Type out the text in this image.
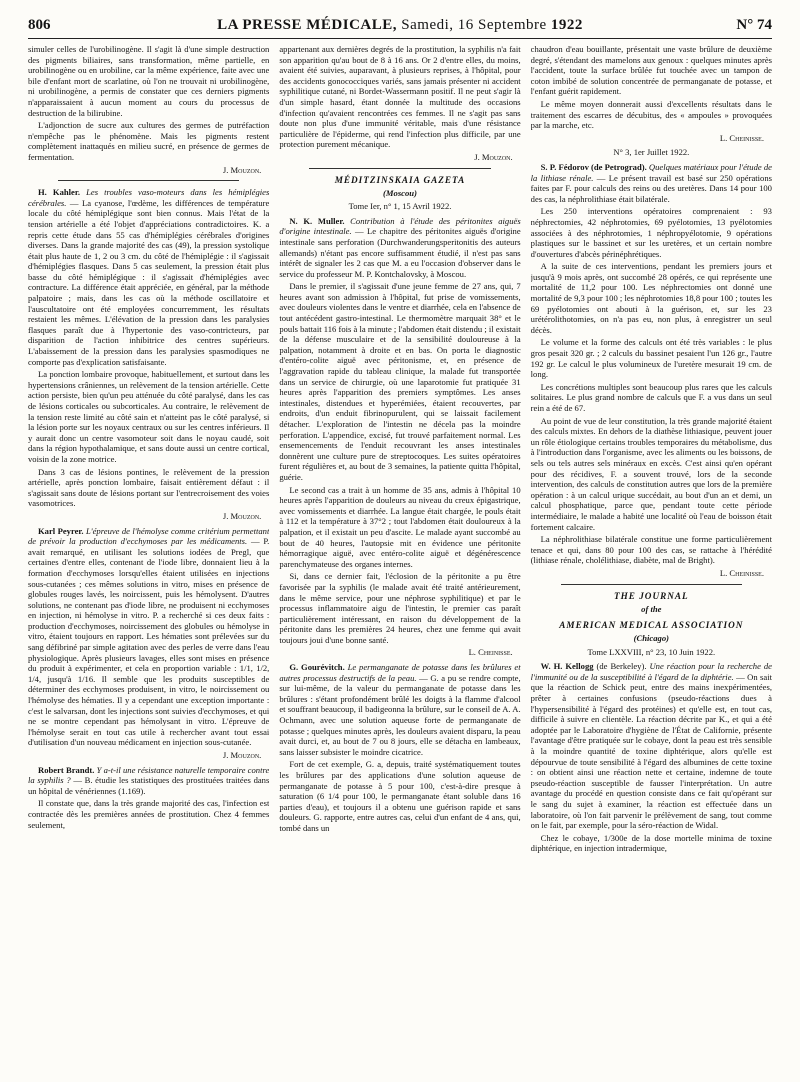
806	LA PRESSE MÉDICALE, Samedi, 16 Septembre 1922	N° 74

simuler celles de l'urobilinogène. Il s'agit là d'une simple destruction des pigments biliaires, sans transformation, même partielle, en urobilinogène ou en urobiline, car la même expérience, faite avec une bile d'enfant mort de scarlatine, où l'on ne trouvait ni urobilinogène, ni urobilinogène, a permis de constater que ces derniers pigments n'apparaissaient à aucun moment au cours du processus de destruction de la bilirubine.

L'adjonction de sucre aux cultures des germes de putréfaction n'empêche pas le phénomène. Mais les pigments restent complètement inattaqués en milieu sucré, en présence de germes de fermentation.

J. Mouzon.

H. Kahler. Les troubles vaso-moteurs dans les hémiplégies cérébrales. — La cyanose, l'œdème, les différences de température locale du côté hémiplégique sont bien connus. Mais l'état de la tension artérielle a été l'objet d'appréciations contradictoires. K. a repris cette étude dans 55 cas d'hémiplégies cérébrales d'origines diverses. Dans la grande majorité des cas (49), la pression systolique était plus haute de 1, 2 ou 3 cm. du côté de l'hémiplégie : il s'agissait d'hémiplégies flasques. Dans 5 cas seulement, la pression était plus basse du côté hémiplégique : il s'agissait d'hémiplégies avec contracture. La différence était appréciée, en général, par la méthode palpatoire ; mais, dans les cas où la méthode oscillatoire et l'auscultatoire ont été employées concurremment, les résultats restaient les mêmes. L'élévation de la pression dans les paralysies flasques paraît due à l'hypertonie des vaso-contricteurs, par disparition de l'action inhibitrice des centres supérieurs. L'abaissement de la pression dans les paralysies spasmodiques ne comporte pas d'explication satisfaisante.

La ponction lombaire provoque, habituellement, et surtout dans les hypertensions crâniennes, un relèvement de la tension artérielle. Cette action persiste, bien qu'un peu atténuée du côté paralysé, dans les cas de lésions corticales ou subcorticales. Au contraire, le relèvement de la tension reste limité au côté sain et n'atteint pas le côté paralysé, si la lésion porte sur les noyaux centraux ou sur les centres inférieurs. Il y aurait donc un centre vasomoteur soit dans le noyau caudé, soit dans la région hypothalamique, et sans doute aussi un centre cortical, voisin de la zone motrice.

Dans 3 cas de lésions pontines, le relèvement de la pression artérielle, après ponction lombaire, faisait entièrement défaut : il s'agissait sans doute de lésions portant sur l'entrecroisement des voies vasomotrices.

J. Mouzon.

Karl Peyrer. L'épreuve de l'hémolyse comme critérium permettant de prévoir la production d'ecchymoses par les médicaments. — P. avait remarqué, en utilisant les solutions iodées de Pregl, que certaines d'entre elles, contenant de l'iode libre, donnaient lieu à la formation d'ecchymoses lorsqu'elles étaient utilisées en injections sous-cutanées ; ces mêmes solutions in vitro, mises en présence de globules rouges lavés, les noircissent, puis les hémolysent. D'autres solutions, ne contenant pas d'iode libre, ne produisent ni ecchymoses en injection, ni hémolyse in vitro. P. a recherché si ces deux faits : production d'ecchymoses, noircissement des globules ou hémolyse in vitro, étaient toujours en rapport. Les hématies sont prélevées sur du sang défibriné par simple agitation avec des perles de verre dans l'eau physiologique. Après plusieurs lavages, elles sont mises en présence du produit à expérimenter, et cela en proportion variable : 1/1, 1/2, 1/4, jusqu'à 1/16. Il semble que les produits susceptibles de déterminer des ecchymoses produisent, in vitro, le noircissement ou l'hémolyse des hématies. Il y a cependant une exception importante : c'est le salvarsan, dont les injections sont suivies d'ecchymoses, et qui ne se montre cependant pas hémolysant in vitro. L'épreuve de l'hémolyse serait en tout cas utile à rechercher avant tout essai d'utilisation d'un nouveau médicament en injection sous-cutanée.

J. Mouzon.

Robert Brandt. Y a-t-il une résistance naturelle temporaire contre la syphilis ? — B. étudie les statistiques des prostituées traitées dans un hôpital de vénériennes (1.169).

Il constate que, dans la très grande majorité des cas, l'infection est contractée dès les premières années de prostitution. Chez 4 femmes seulement,

appartenant aux dernières degrés de la prostitution, la syphilis n'a fait son apparition qu'au bout de 8 à 16 ans. Or 2 d'entre elles, du moins, avaient été suivies, auparavant, à plusieurs reprises, à l'hôpital, pour des accidents gonococciques variés, sans jamais présenter ni accident syphilitique cutané, ni Bordet-Wassermann positif. Il ne peut s'agir là d'un simple hasard, étant donnée la multitude des occasions d'infection qu'avaient rencontrées ces femmes. Il ne s'agit pas sans doute non plus d'une immunité véritable, mais d'une résistance particulière de l'épiderme, qui rend l'infection plus difficile, par une protection purement mécanique.

J. Mouzon.
MÉDITZINSKAIA GAZETA
(Moscou)
Tome Ier, n° 1, 15 Avril 1922.

N. K. Muller. Contribution à l'étude des péritonites aiguës d'origine intestinale. — Le chapitre des péritonites aiguës d'origine intestinale sans perforation (Durchwanderungsperitonitis des auteurs allemands) n'étant pas encore suffisamment étudié, il n'est pas sans intérêt de signaler les 2 cas que M. a eu l'occasion d'observer dans le service du professeur M. P. Kontchalovsky, à Moscou.

Dans le premier, il s'agissait d'une jeune femme de 27 ans, qui, 7 heures avant son admission à l'hôpital, fut prise de vomissements, avec douleurs violentes dans le ventre et diarrhée, cela en l'absence de tout antécédent gastro-intestinal. Le thermomètre marquait 38° et le pouls battait 116 fois à la minute ; l'abdomen était distendu ; il existait de la défense musculaire et de la sensibilité douloureuse à la palpation, notamment à droite et en bas. On porta le diagnostic d'entéro-colite aiguë avec péritonisme, et, en présence de l'aggravation rapide du tableau clinique, la malade fut transportée dans un service de chirurgie, où une laparotomie fut pratiquée 31 heures après l'apparition des premiers symptômes. Les anses intestinales, distendues et hyperémiées, étaient recouvertes, par endroits, d'un enduit fibrinopurulent, qui se laissait facilement détacher. L'exploration de l'intestin ne décela pas la moindre perforation. L'appendice, excisé, fut trouvé parfaitement normal. Les ensemencements de l'enduit recouvrant les anses intestinales donnèrent une culture pure de streptocoques. Les suites opératoires furent régulières et, au bout de 3 semaines, la patiente quitta l'hôpital, guérie.

Le second cas a trait à un homme de 35 ans, admis à l'hôpital 10 heures après l'apparition de douleurs au niveau du creux épigastrique, avec vomissements et diarrhée. La langue était chargée, le pouls était à 112 et la température à 37°2 ; tout l'abdomen était douloureux à la palpation, et il existait un peu d'ascite. Le malade ayant succombé au bout de 40 heures, l'autopsie mit en évidence une péritonite hémorragique aiguë, avec entéro-colite aiguë et dégénérescence parenchymateuse des organes internes.

Si, dans ce dernier fait, l'éclosion de la péritonite a pu être favorisée par la syphilis (le malade avait été traité antérieurement, dans le même service, pour une néphrose syphilitique) et par le processus inflammatoire aigu de l'intestin, le premier cas paraît particulièrement intéressant, en raison du développement de la péritonite dans les premières 24 heures, chez une femme qui avait toujours joui d'une bonne santé.

L. Cheinisse.

G. Gourévitch. Le permanganate de potasse dans les brûlures et autres processus destructifs de la peau. — G. a pu se rendre compte, sur lui-même, de la valeur du permanganate de potasse dans les brûlures : s'étant profondément brûlé les doigts à la flamme d'alcool et souffrant beaucoup, il badigeonna la brûlure, sur le conseil de A. A. Ochmann, avec une solution aqueuse forte de permanganate de potasse ; quelques minutes après, les douleurs avaient disparu, la peau avait durci, et, au bout de 7 ou 8 jours, elle se détacha en lambeaux, sans laisser subsister le moindre cicatrice.

Fort de cet exemple, G. a, depuis, traité systématiquement toutes les brûlures par des applications d'une solution aqueuse de permanganate de potasse à 5 pour 100, c'est-à-dire presque à saturation (6 1/4 pour 100, le permanganate étant soluble dans 16 parties d'eau), et toujours il a obtenu une guérison rapide et sans douleurs. G. rapporte, entre autres cas, celui d'un enfant de 4 ans, qui, tombé dans un

chaudron d'eau bouillante, présentait une vaste brûlure de deuxième degré, s'étendant des mamelons aux genoux : quelques minutes après l'accident, toute la surface brûlée fut touchée avec un tampon de coton imbibé de solution concentrée de permanganate de potasse, et l'enfant guérit rapidement.

Le même moyen donnerait aussi d'excellents résultats dans le traitement des escarres de décubitus, des « ampoules » provoquées par la marche, etc.

L. Cheinisse.
N° 3, 1er Juillet 1922.

S. P. Fédorov (de Petrograd). Quelques matériaux pour l'étude de la lithiase rénale. — Le présent travail est basé sur 250 opérations faites par F. pour calculs des reins ou des uretères. Dans 14 pour 100 des cas, la néphrolithiase était bilatérale.

Les 250 interventions opératoires comprenaient : 93 néphrectomies, 42 néphrotomies, 69 pyélotomies, 13 pyélotomies associées à des néphrotomies, 1 néphropyélotomie, 9 opérations plastiques sur le bassinet et sur les uretères, et un certain nombre d'ouvertures d'abcès périnéphrétiques.

A la suite de ces interventions, pendant les premiers jours et jusqu'à 9 mois après, ont succombé 28 opérés, ce qui représente une mortalité de 11,2 pour 100. Les néphrectomies ont donné une mortalité de 9,3 pour 100 ; les néphrotomies 18,8 pour 100 ; toutes les 69 pyélotomies ont abouti à la guérison, et, sur les 23 urétérolithotomies, on n'a pas eu, non plus, à enregistrer un seul décès.

Le volume et la forme des calculs ont été très variables : le plus gros pesait 320 gr. ; 2 calculs du bassinet pesaient l'un 126 gr., l'autre 192 gr. Le calcul le plus volumineux de l'uretère mesurait 19 cm. de long.

Les concrétions multiples sont beaucoup plus rares que les calculs solitaires. Le plus grand nombre de calculs que F. a vus dans un seul rein a été de 67.

Au point de vue de leur constitution, la très grande majorité étaient des calculs mixtes. En dehors de la diathèse lithiasique, peuvent jouer un rôle étiologique certains troubles temporaires du métabolisme, dus à l'introduction dans l'organisme, avec les aliments ou les boissons, de sels ou tels autres sels minéraux en excès. C'est ainsi qu'en opérant pour des récidives, F. a souvent trouvé, lors de la seconde intervention, des calculs de constitution autres que lors de la première opération : à un calcul urique succédait, au bout d'un an et demi, un calcul phosphatique, parce que, pendant toute cette période intermédiaire, le malade a habité une localité où l'eau de boisson était fortement calcaire.

La néphrolithiase bilatérale constitue une forme particulièrement tenace et qui, dans 80 pour 100 des cas, se rattache à l'hérédité (lithiase rénale, cholélithiase, diabète, mal de Bright).

L. Cheinisse.
THE JOURNAL
of the
AMERICAN MEDICAL ASSOCIATION
(Chicago)
Tome LXXVIII, n° 23, 10 Juin 1922.

W. H. Kellogg (de Berkeley). Une réaction pour la recherche de l'immunité ou de la susceptibilité à l'égard de la diphtérie. — On sait que la réaction de Schick peut, entre des mains inexpérimentées, prêter à certaines confusions (pseudo-réactions dues à l'hypersensibilité à l'égard des protéines) et qu'elle est, en tout cas, difficile à suivre en clientèle. La réaction décrite par K., et qui a été adoptée par le Laboratoire d'hygiène de l'État de Californie, présente l'avantage d'être pratiquée sur le cobaye, dont la peau est très sensible à la moindre quantité de toxine diphtérique, alors qu'elle est dépourvue de toute sensibilité à l'égard des albumines de cette toxine : on obtient ainsi une réaction nette et certaine, indemne de toute pseudo-réaction susceptible de fausser l'interprétation. Un autre avantage du procédé en question consiste dans ce fait qu'opérant sur le sang du sujet à examiner, la réaction est effectuée dans un laboratoire, où l'on fait parvenir le prélèvement de sang, tout comme on le fait, par exemple, pour la séro-réaction de Widal.

Chez le cobaye, 1/300e de la dose mortelle minima de toxine diphtérique, en injection intradermique,
